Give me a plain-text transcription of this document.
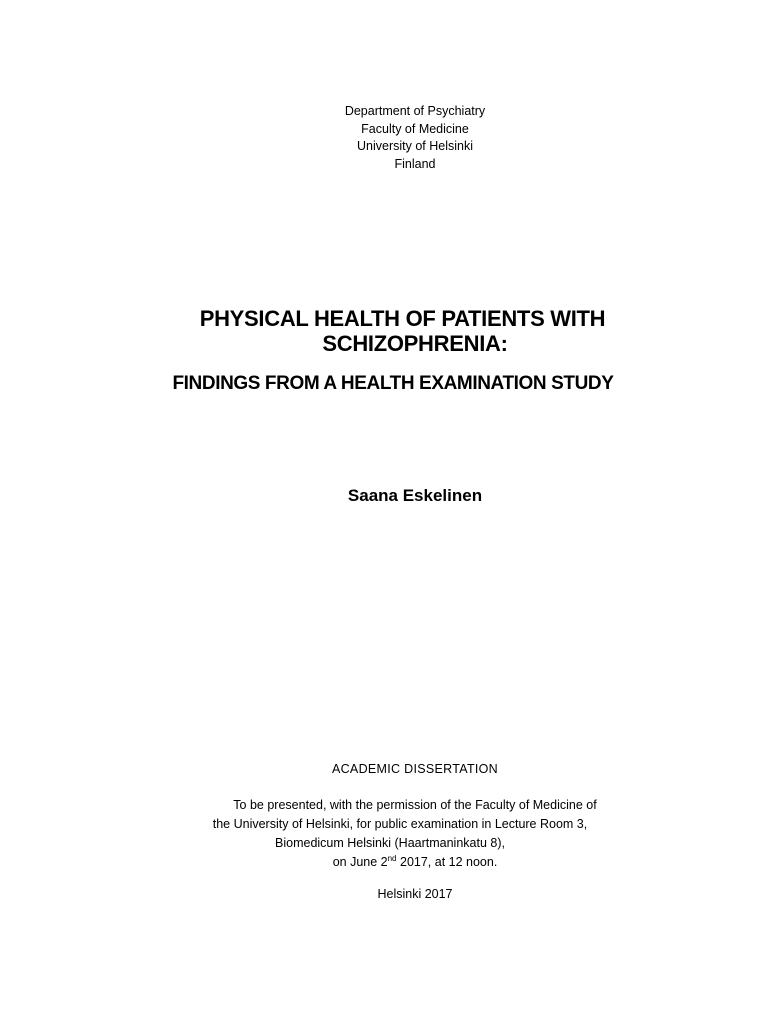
Department of Psychiatry
Faculty of Medicine
University of Helsinki
Finland
PHYSICAL HEALTH OF PATIENTS WITH
SCHIZOPHRENIA:
FINDINGS FROM A HEALTH EXAMINATION STUDY
Saana Eskelinen
ACADEMIC DISSERTATION
To be presented, with the permission of the Faculty of Medicine of
the University of Helsinki, for public examination in Lecture Room 3,
Biomedicum Helsinki (Haartmaninkatu 8),
on June 2nd 2017, at 12 noon.
Helsinki 2017
